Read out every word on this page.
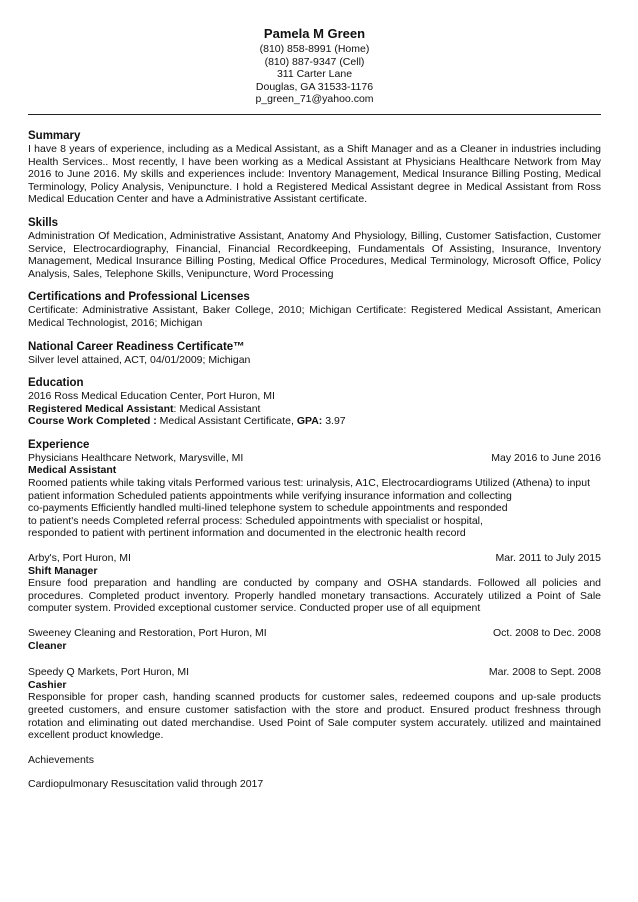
Pamela M Green
(810) 858-8991 (Home)
(810) 887-9347 (Cell)
311 Carter Lane
Douglas, GA 31533-1176
p_green_71@yahoo.com
Summary
I have 8 years of experience, including as a Medical Assistant, as a Shift Manager and as a Cleaner in industries including Health Services.. Most recently, I have been working as a Medical Assistant at Physicians Healthcare Network from May 2016 to June 2016. My skills and experiences include: Inventory Management, Medical Insurance Billing Posting, Medical Terminology, Policy Analysis, Venipuncture. I hold a Registered Medical Assistant degree in Medical Assistant from Ross Medical Education Center and have a Administrative Assistant certificate.
Skills
Administration Of Medication, Administrative Assistant, Anatomy And Physiology, Billing, Customer Satisfaction, Customer Service, Electrocardiography, Financial, Financial Recordkeeping, Fundamentals Of Assisting, Insurance, Inventory Management, Medical Insurance Billing Posting, Medical Office Procedures, Medical Terminology, Microsoft Office, Policy Analysis, Sales, Telephone Skills, Venipuncture, Word Processing
Certifications and Professional Licenses
Certificate: Administrative Assistant, Baker College, 2010; Michigan Certificate: Registered Medical Assistant, American Medical Technologist, 2016; Michigan
National Career Readiness Certificate™
Silver level attained, ACT, 04/01/2009; Michigan
Education
2016 Ross Medical Education Center, Port Huron, MI
Registered Medical Assistant: Medical Assistant
Course Work Completed : Medical Assistant Certificate, GPA: 3.97
Experience
Physicians Healthcare Network, Marysville, MI	May 2016 to June 2016
Medical Assistant
Roomed patients while taking vitals Performed various test: urinalysis, A1C, Electrocardiograms Utilized (Athena) to input
patient information Scheduled patients appointments while verifying insurance information and collecting
co-payments Efficiently handled multi-lined telephone system to schedule appointments and responded
to patient's needs Completed referral process: Scheduled appointments with specialist or hospital,
responded to patient with pertinent information and documented in the electronic health record
Arby's, Port Huron, MI	Mar. 2011 to July 2015
Shift Manager
Ensure food preparation and handling are conducted by company and OSHA standards. Followed all policies and procedures. Completed product inventory. Properly handled monetary transactions. Accurately utilized a Point of Sale computer system. Provided exceptional customer service. Conducted proper use of all equipment
Sweeney Cleaning and Restoration, Port Huron, MI	Oct. 2008 to Dec. 2008
Cleaner
Speedy Q Markets, Port Huron, MI	Mar. 2008 to Sept. 2008
Cashier
Responsible for proper cash, handing scanned products for customer sales, redeemed coupons and up-sale products greeted customers, and ensure customer satisfaction with the store and product. Ensured product freshness through rotation and eliminating out dated merchandise. Used Point of Sale computer system accurately. utilized and maintained excellent product knowledge.
Achievements
Cardiopulmonary Resuscitation valid through 2017
